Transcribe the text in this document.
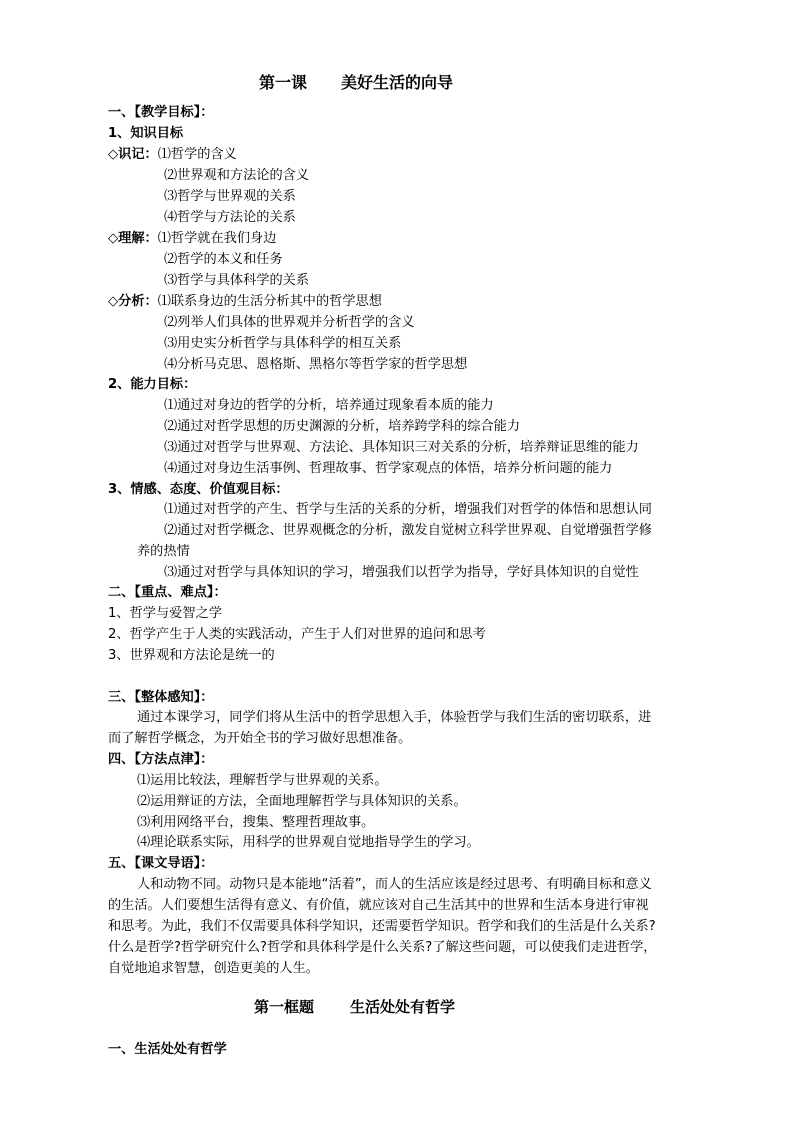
第一课 美好生活的向导
一、【教学目标】：
1、知识目标
◇识记：⑴哲学的含义
⑵世界观和方法论的含义
⑶哲学与世界观的关系
⑷哲学与方法论的关系
◇理解：⑴哲学就在我们身边
⑵哲学的本义和任务
⑶哲学与具体科学的关系
◇分析：⑴联系身边的生活分析其中的哲学思想
⑵列举人们具体的世界观并分析哲学的含义
⑶用史实分析哲学与具体科学的相互关系
⑷分析马克思、恩格斯、黑格尔等哲学家的哲学思想
2、能力目标：
⑴通过对身边的哲学的分析，培养通过现象看本质的能力
⑵通过对哲学思想的历史渊源的分析，培养跨学科的综合能力
⑶通过对哲学与世界观、方法论、具体知识三对关系的分析，培养辩证思维的能力
⑷通过对身边生活事例、哲理故事、哲学家观点的体悟，培养分析问题的能力
3、情感、态度、价值观目标：
⑴通过对哲学的产生、哲学与生活的关系的分析，增强我们对哲学的体悟和思想认同
⑵通过对哲学概念、世界观概念的分析，激发自觉树立科学世界观、自觉增强哲学修
养的热情
⑶通过对哲学与具体知识的学习，增强我们以哲学为指导，学好具体知识的自觉性
二、【重点、难点】：
1、哲学与爱智之学
2、哲学产生于人类的实践活动，产生于人们对世界的追问和思考
3、世界观和方法论是统一的
三、【整体感知】：
通过本课学习，同学们将从生活中的哲学思想入手，体验哲学与我们生活的密切联系，进
而了解哲学概念，为开始全书的学习做好思想准备。
四、【方法点津】：
⑴运用比较法，理解哲学与世界观的关系。
⑵运用辩证的方法，全面地理解哲学与具体知识的关系。
⑶利用网络平台，搜集、整理哲理故事。
⑷理论联系实际，用科学的世界观自觉地指导学生的学习。
五、【课文导语】：
人和动物不同。动物只是本能地“活着”，而人的生活应该是经过思考、有明确目标和意义
的生活。人们要想生活得有意义、有价值，就应该对自己生活其中的世界和生活本身进行审视
和思考。为此，我们不仅需要具体科学知识，还需要哲学知识。哲学和我们的生活是什么关系?
什么是哲学?哲学研究什么?哲学和具体科学是什么关系?了解这些问题，可以使我们走进哲学，
自觉地追求智慧，创造更美的人生。
第一框题 生活处处有哲学
一、生活处处有哲学
